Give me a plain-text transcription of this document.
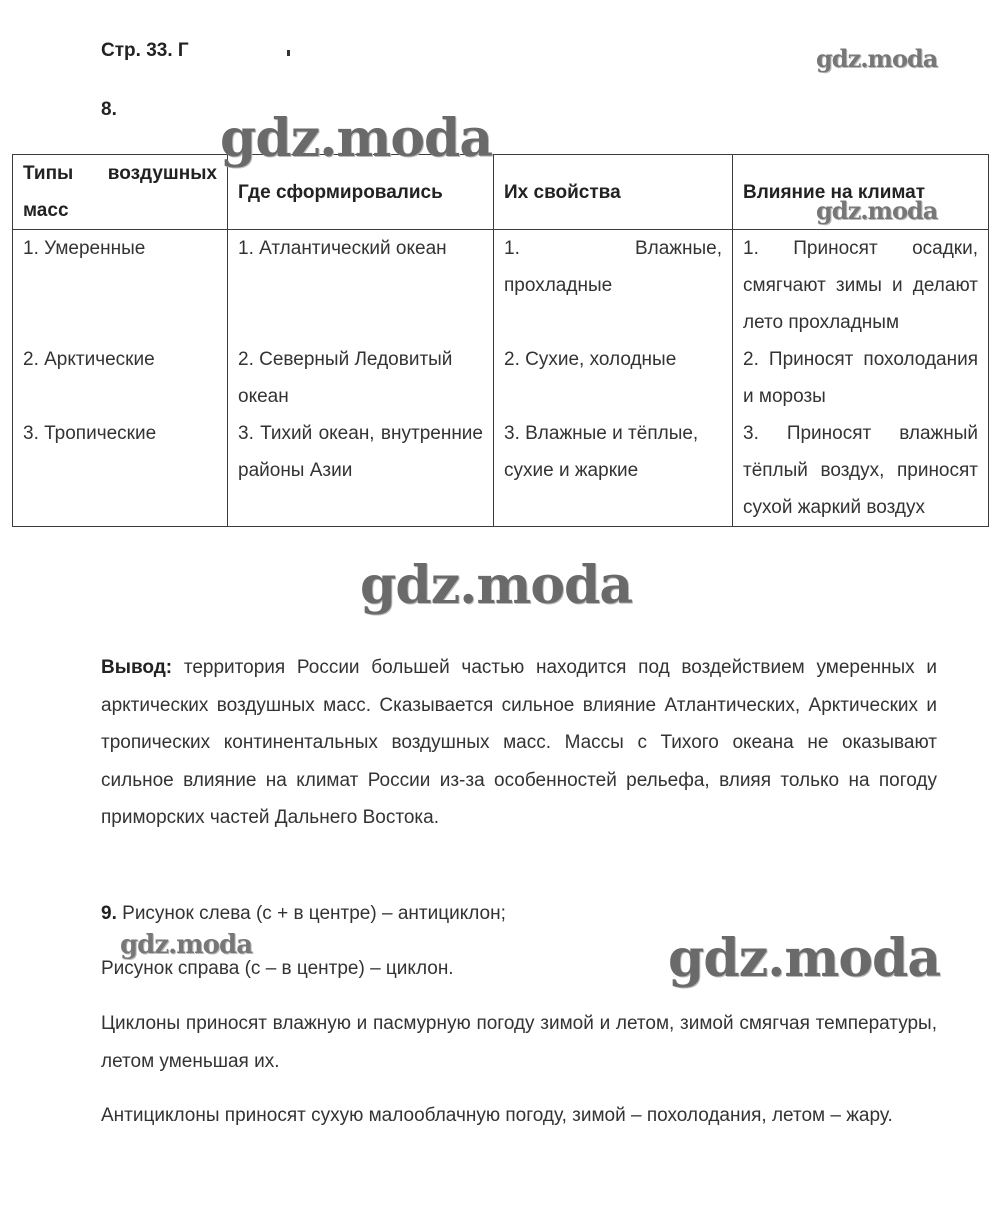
Стр. 33. Г
8.
Типы воздушных масс	Где сформировались	Их свойства	Влияние на климат
1. Умеренные	1. Атлантический океан	1. Влажные, прохладные	1. Приносят осадки, смягчают зимы и делают лето прохладным
2. Арктические	2. Северный Ледовитый океан	2. Сухие, холодные	2. Приносят похолодания и морозы
3. Тропические	3. Тихий океан, внутренние районы Азии	3. Влажные и тёплые, сухие и жаркие	3. Приносят влажный тёплый воздух, приносят сухой жаркий воздух
Вывод: территория России большей частью находится под воздействием умеренных и арктических воздушных масс. Сказывается сильное влияние Атлантических, Арктических и тропических континентальных воздушных масс. Массы с Тихого океана не оказывают сильное влияние на климат России из-за особенностей рельефа, влияя только на погоду приморских частей Дальнего Востока.
9. Рисунок слева (с + в центре) – антициклон;
Рисунок справа (с – в центре) – циклон.
Циклоны приносят влажную и пасмурную погоду зимой и летом, зимой смягчая температуры, летом уменьшая их.
Антициклоны приносят сухую малооблачную погоду, зимой – похолодания, летом – жару.
gdz.moda
gdz.moda
gdz.moda
gdz.moda
gdz.moda	gdz.moda
